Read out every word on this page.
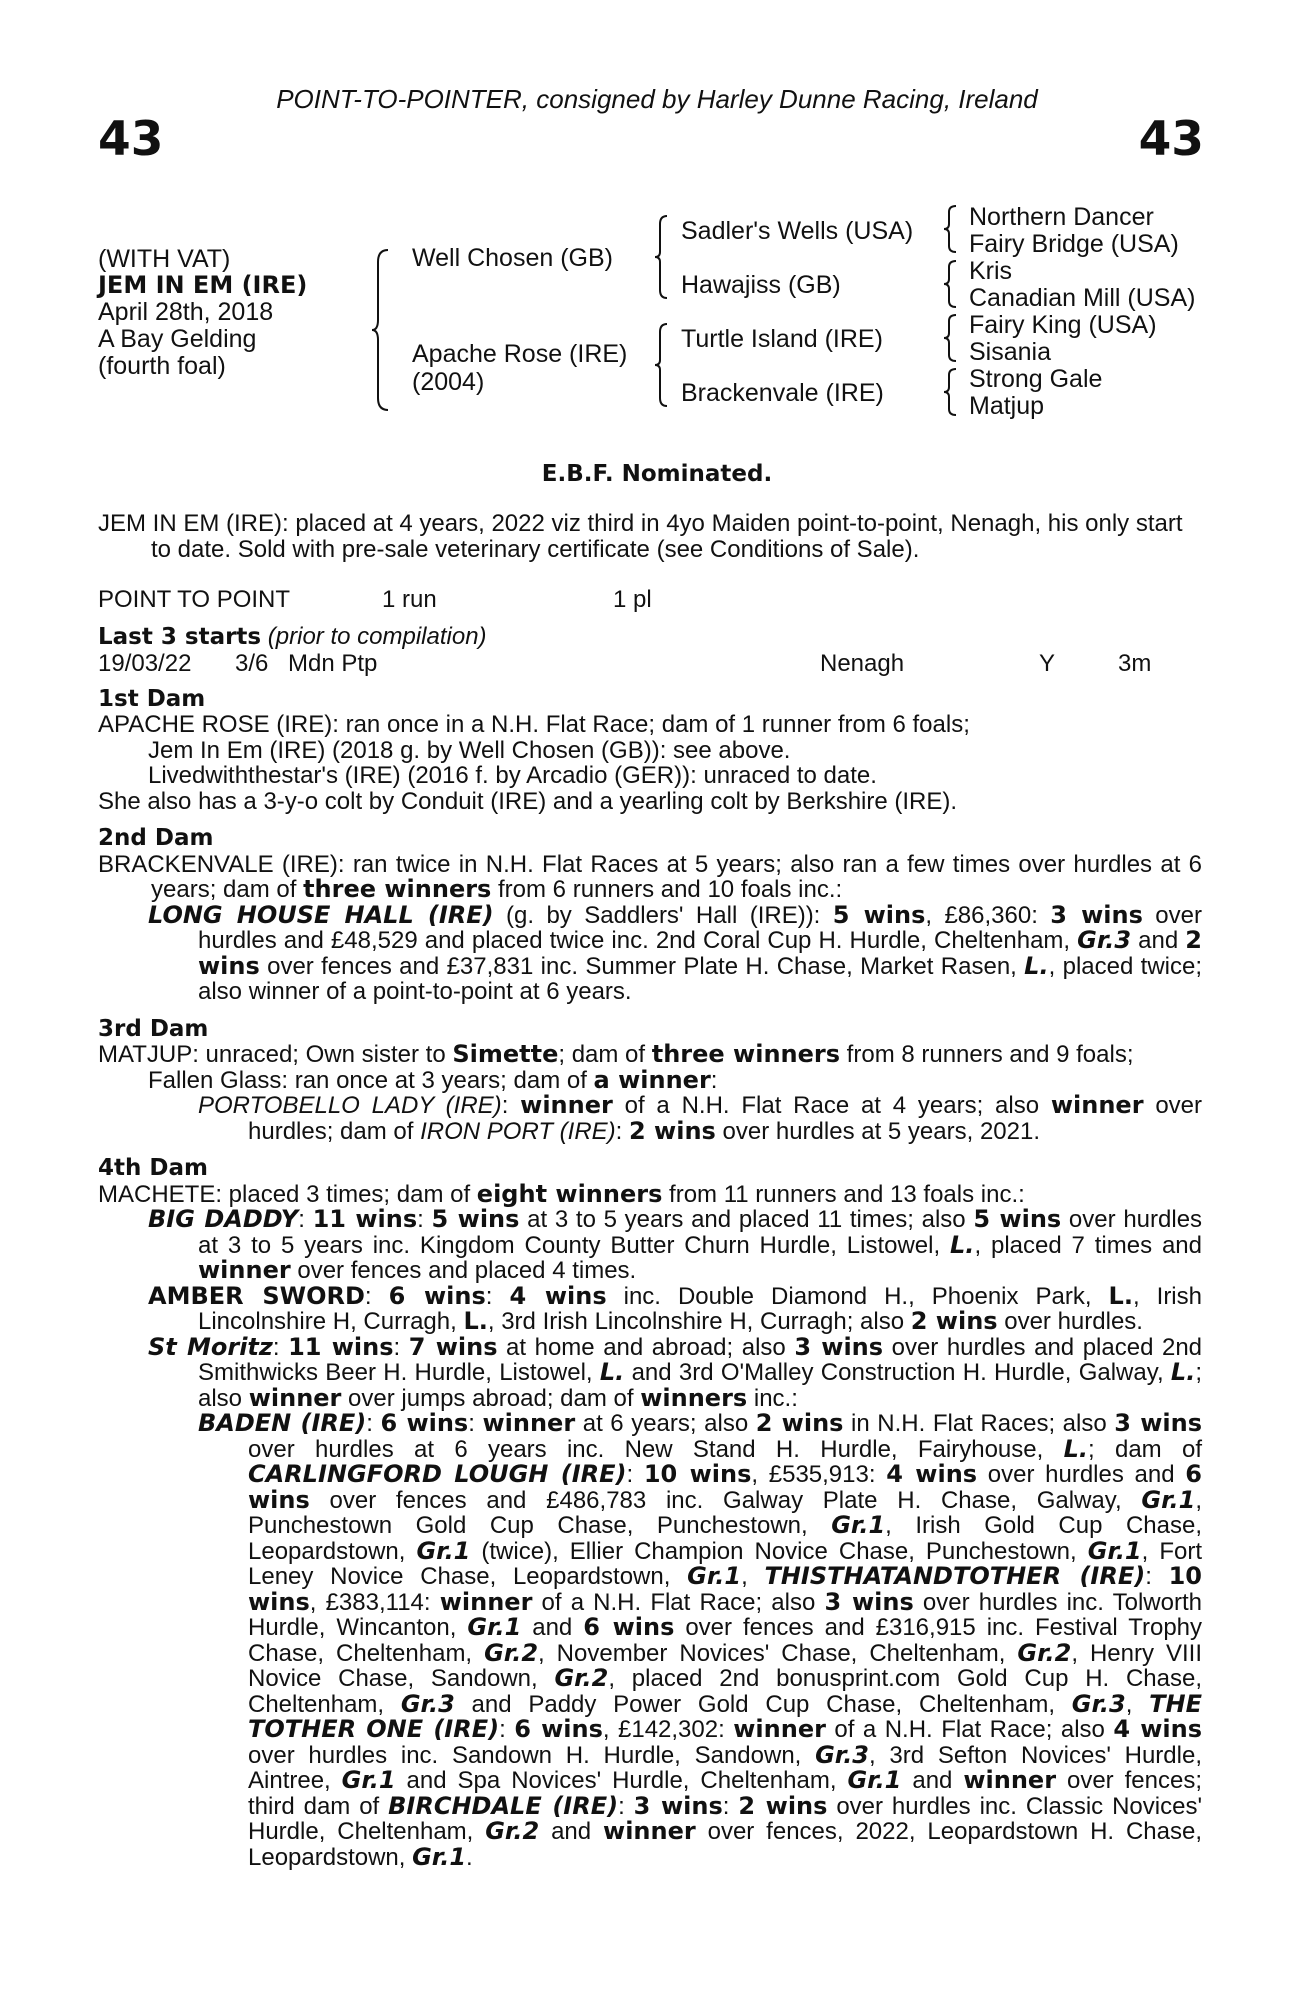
POINT-TO-POINTER, consigned by Harley Dunne Racing, Ireland
43	43
(WITH VAT)
JEM IN EM (IRE)
April 28th, 2018
A Bay Gelding
(fourth foal)
Well Chosen (GB)
Apache Rose (IRE)
(2004)
Sadler's Wells (USA)
Hawajiss (GB)
Turtle Island (IRE)
Brackenvale (IRE)
Northern Dancer
Fairy Bridge (USA)
Kris
Canadian Mill (USA)
Fairy King (USA)
Sisania
Strong Gale
Matjup
E.B.F. Nominated.

JEM IN EM (IRE): placed at 4 years, 2022 viz third in 4yo Maiden point-to-point, Nenagh, his only start to date. Sold with pre-sale veterinary certificate (see Conditions of Sale).

POINT TO POINT	1 run	1 pl

Last 3 starts (prior to compilation)

19/03/22 3/6 Mdn Ptp	Nenagh	Y	3m

1st Dam

APACHE ROSE (IRE): ran once in a N.H. Flat Race; dam of 1 runner from 6 foals;

Jem In Em (IRE) (2018 g. by Well Chosen (GB)): see above.

Livedwiththestar's (IRE) (2016 f. by Arcadio (GER)): unraced to date.

She also has a 3-y-o colt by Conduit (IRE) and a yearling colt by Berkshire (IRE).

2nd Dam

BRACKENVALE (IRE): ran twice in N.H. Flat Races at 5 years; also ran a few times over hurdles at 6 years; dam of three winners from 6 runners and 10 foals inc.:

LONG HOUSE HALL (IRE) (g. by Saddlers' Hall (IRE)): 5 wins, £86,360: 3 wins over hurdles and £48,529 and placed twice inc. 2nd Coral Cup H. Hurdle, Cheltenham, Gr.3 and 2 wins over fences and £37,831 inc. Summer Plate H. Chase, Market Rasen, L., placed twice; also winner of a point-to-point at 6 years.

3rd Dam

MATJUP: unraced; Own sister to Simette; dam of three winners from 8 runners and 9 foals;

Fallen Glass: ran once at 3 years; dam of a winner:

PORTOBELLO LADY (IRE): winner of a N.H. Flat Race at 4 years; also winner over hurdles; dam of IRON PORT (IRE): 2 wins over hurdles at 5 years, 2021.

4th Dam

MACHETE: placed 3 times; dam of eight winners from 11 runners and 13 foals inc.:

BIG DADDY: 11 wins: 5 wins at 3 to 5 years and placed 11 times; also 5 wins over hurdles at 3 to 5 years inc. Kingdom County Butter Churn Hurdle, Listowel, L., placed 7 times and winner over fences and placed 4 times.

AMBER SWORD: 6 wins: 4 wins inc. Double Diamond H., Phoenix Park, L., Irish Lincolnshire H, Curragh, L., 3rd Irish Lincolnshire H, Curragh; also 2 wins over hurdles.

St Moritz: 11 wins: 7 wins at home and abroad; also 3 wins over hurdles and placed 2nd Smithwicks Beer H. Hurdle, Listowel, L. and 3rd O'Malley Construction H. Hurdle, Galway, L.; also winner over jumps abroad; dam of winners inc.:

BADEN (IRE): 6 wins: winner at 6 years; also 2 wins in N.H. Flat Races; also 3 wins over hurdles at 6 years inc. New Stand H. Hurdle, Fairyhouse, L.; dam of CARLINGFORD LOUGH (IRE): 10 wins, £535,913: 4 wins over hurdles and 6 wins over fences and £486,783 inc. Galway Plate H. Chase, Galway, Gr.1, Punchestown Gold Cup Chase, Punchestown, Gr.1, Irish Gold Cup Chase, Leopardstown, Gr.1 (twice), Ellier Champion Novice Chase, Punchestown, Gr.1, Fort Leney Novice Chase, Leopardstown, Gr.1, THISTHATANDTOTHER (IRE): 10 wins, £383,114: winner of a N.H. Flat Race; also 3 wins over hurdles inc. Tolworth Hurdle, Wincanton, Gr.1 and 6 wins over fences and £316,915 inc. Festival Trophy Chase, Cheltenham, Gr.2, November Novices' Chase, Cheltenham, Gr.2, Henry VIII Novice Chase, Sandown, Gr.2, placed 2nd bonusprint.com Gold Cup H. Chase, Cheltenham, Gr.3 and Paddy Power Gold Cup Chase, Cheltenham, Gr.3, THE TOTHER ONE (IRE): 6 wins, £142,302: winner of a N.H. Flat Race; also 4 wins over hurdles inc. Sandown H. Hurdle, Sandown, Gr.3, 3rd Sefton Novices' Hurdle, Aintree, Gr.1 and Spa Novices' Hurdle, Cheltenham, Gr.1 and winner over fences; third dam of BIRCHDALE (IRE): 3 wins: 2 wins over hurdles inc. Classic Novices' Hurdle, Cheltenham, Gr.2 and winner over fences, 2022, Leopardstown H. Chase, Leopardstown, Gr.1.
